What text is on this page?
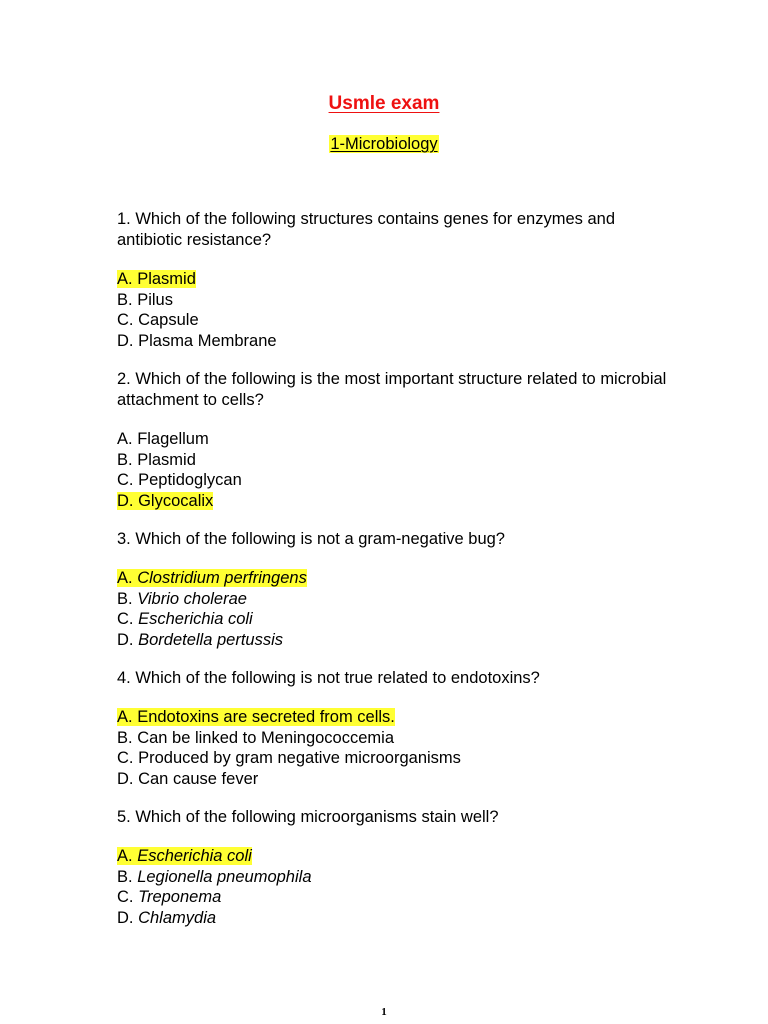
Usmle exam
1-Microbiology
1. Which of the following structures contains genes for enzymes and antibiotic resistance?
A. Plasmid
B. Pilus
C. Capsule
D. Plasma Membrane
2. Which of the following is the most important structure related to microbial attachment to cells?
A. Flagellum
B. Plasmid
C. Peptidoglycan
D. Glycocalix
3. Which of the following is not a gram-negative bug?
A. Clostridium perfringens
B. Vibrio cholerae
C. Escherichia coli
D. Bordetella pertussis
4. Which of the following is not true related to endotoxins?
A. Endotoxins are secreted from cells.
B. Can be linked to Meningococcemia
C. Produced by gram negative microorganisms
D. Can cause fever
5. Which of the following microorganisms stain well?
A. Escherichia coli
B. Legionella pneumophila
C. Treponema
D. Chlamydia
1
